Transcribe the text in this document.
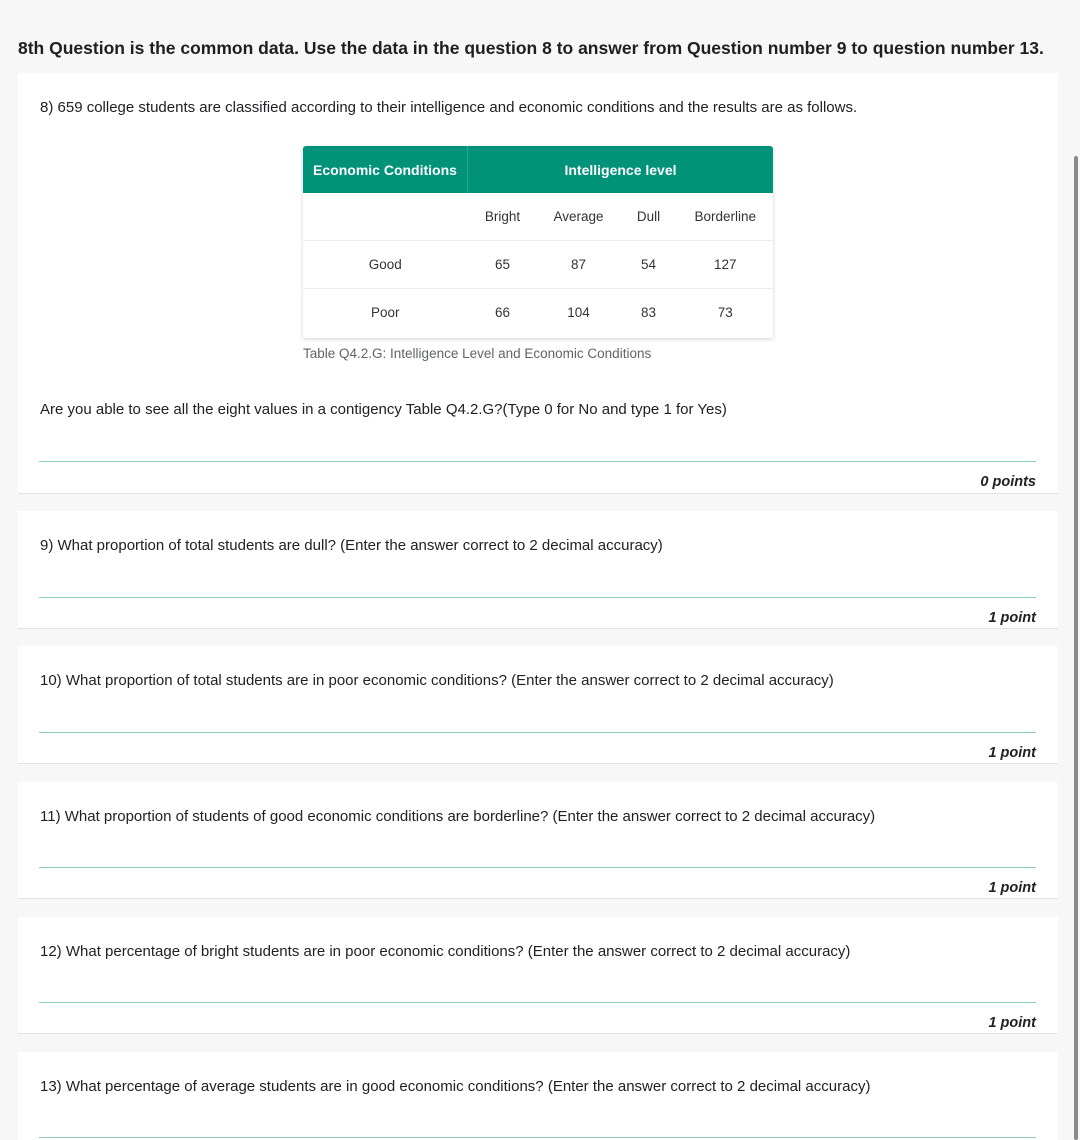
8th Question is the common data. Use the data in the question 8 to answer from Question number 9 to question number 13.
8) 659 college students are classified according to their intelligence and economic conditions and the results are as follows.
Economic Conditions	Intelligence level			
	Bright	Average	Dull	Borderline
Good	65	87	54	127
Poor	66	104	83	73
Table Q4.2.G: Intelligence Level and Economic Conditions
Are you able to see all the eight values in a contigency Table Q4.2.G?(Type 0 for No and type 1 for Yes)
0 points
9) What proportion of total students are dull? (Enter the answer correct to 2 decimal accuracy)
1 point
10) What proportion of total students are in poor economic conditions? (Enter the answer correct to 2 decimal accuracy)
1 point
11) What proportion of students of good economic conditions are borderline? (Enter the answer correct to 2 decimal accuracy)
1 point
12) What percentage of bright students are in poor economic conditions? (Enter the answer correct to 2 decimal accuracy)
1 point
13) What percentage of average students are in good economic conditions? (Enter the answer correct to 2 decimal accuracy)
